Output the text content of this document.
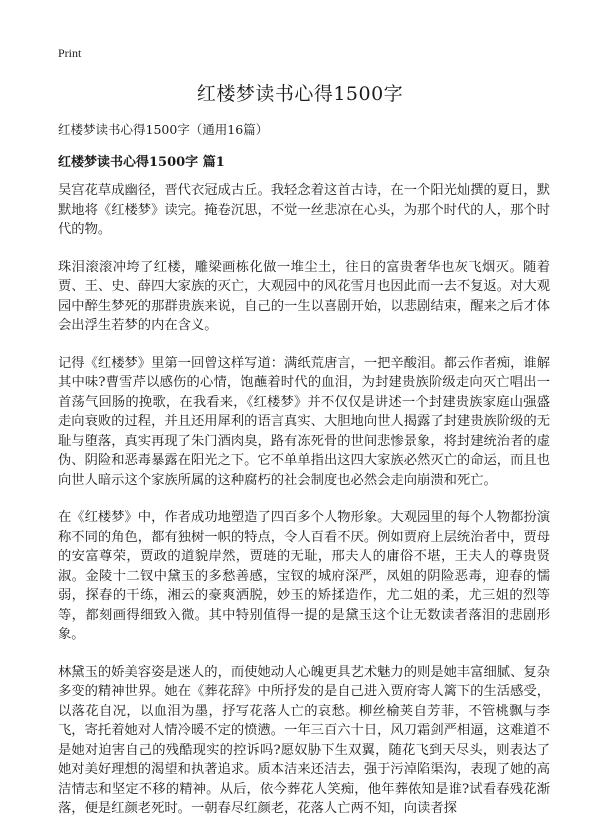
Print
红楼梦读书心得1500字

红楼梦读书心得1500字（通用16篇）

红楼梦读书心得1500字 篇1

吴宫花草成幽径，晋代衣冠成古丘。我轻念着这首古诗，在一个阳光灿撰的夏日，默默地将《红楼梦》读完。掩卷沉思，不觉一丝悲凉在心头，为那个时代的人，那个时代的物。

珠泪滚滚冲垮了红楼，雕梁画栋化做一堆尘土，往日的富贵奢华也灰飞烟灭。随着贾、王、史、薛四大家族的灭亡，大观园中的风花雪月也因此而一去不复返。对大观园中醉生梦死的那群贵族来说，自己的一生以喜剧开始，以悲剧结束，醒来之后才体会出浮生若梦的内在含义。

记得《红楼梦》里第一回曾这样写道：满纸荒唐言，一把辛酸泪。都云作者痴，谁解其中味?曹雪芹以感伤的心情，饱蘸着时代的血泪，为封建贵族阶级走向灭亡唱出一首荡气回肠的挽歌，在我看来，《红楼梦》并不仅仅是讲述一个封建贵族家庭山强盛走向衰败的过程，并且还用犀利的语言真实、大胆地向世人揭露了封建贵族阶级的无耻与堕落，真实再现了朱门酒肉臭，路有冻死骨的世间悲惨景象，将封建统治者的虚伪、阴险和恶毒暴露在阳光之下。它不单单指出这四大家族必然灭亡的命运，而且也向世人暗示这个家族所属的这种腐朽的社会制度也必然会走向崩溃和死亡。

在《红楼梦》中，作者成功地塑造了四百多个人物形象。大观园里的每个人物都扮演称不同的角色，都有独树一帜的特点，令人百看不厌。例如贾府上层统治者中，贾母的安富尊荣，贾政的道貌岸然，贾琏的无耻，邢夫人的庸俗不堪，王夫人的尊贵贤淑。金陵十二钗中黛玉的多愁善感，宝钗的城府深严，凤姐的阴险恶毒，迎春的懦弱，探春的干练，湘云的豪爽洒脱，妙玉的矫揉造作，尤二姐的柔，尤三姐的烈等等，都刻画得细致入微。其中特别值得一提的是黛玉这个让无数读者落泪的悲剧形象。

林黛玉的娇美容姿是迷人的，而使她动人心魄更具艺术魅力的则是她丰富细腻、复杂多变的精神世界。她在《葬花辞》中所抒发的是自己进入贾府寄人篱下的生活感受，以落花自况，以血泪为墨，抒写花落人亡的哀愁。柳丝榆荚自芳菲，不管桃飘与李飞，寄托着她对人情冷暖不定的愤懑。一年三百六十日，风刀霜剑严相逼，这难道不是她对迫害自己的残酷现实的控诉吗?愿奴胁下生双翼，随花飞到天尽头，则表达了她对美好理想的渴望和执著追求。质本洁来还洁去，强于污淖陷渠沟，表现了她的高洁情志和坚定不移的精神。从后，依今葬花人笑痴，他年葬侬知是谁?试看春残花渐落，便是红颜老死时。一朝春尽红颜老，花落人亡两不知，向读者探
